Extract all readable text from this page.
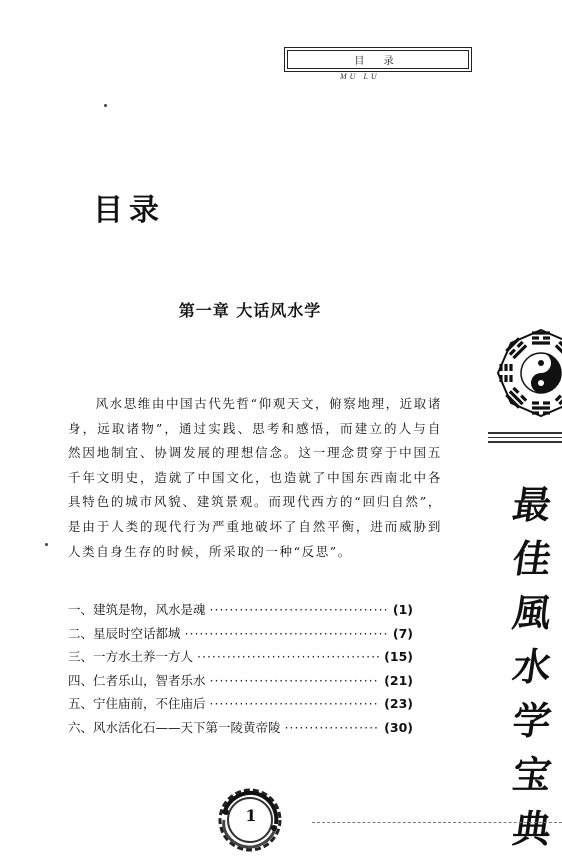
目 录
MU LU
目录
第一章 大话风水学

风水思维由中国古代先哲“仰观天文，俯察地理，近取诸身，远取诸物”，通过实践、思考和感悟，而建立的人与自然因地制宜、协调发展的理想信念。这一理念贯穿于中国五千年文明史，造就了中国文化，也造就了中国东西南北中各具特色的城市风貌、建筑景观。而现代西方的“回归自然”，是由于人类的现代行为严重地破坏了自然平衡，进而威胁到人类自身生存的时候，所采取的一种“反思”。

一、建筑是物，风水是魂 ·····	(1)
二、星辰时空话都城 ·····	(7)
三、一方水土养一方人 ·····	(15)
四、仁者乐山，智者乐水 ·····	(21)
五、宁住庙前，不住庙后 ·····	(23)
六、风水活化石——天下第一陵黄帝陵 ·····	(30)
最
佳
風
水
学
宝
典
1
